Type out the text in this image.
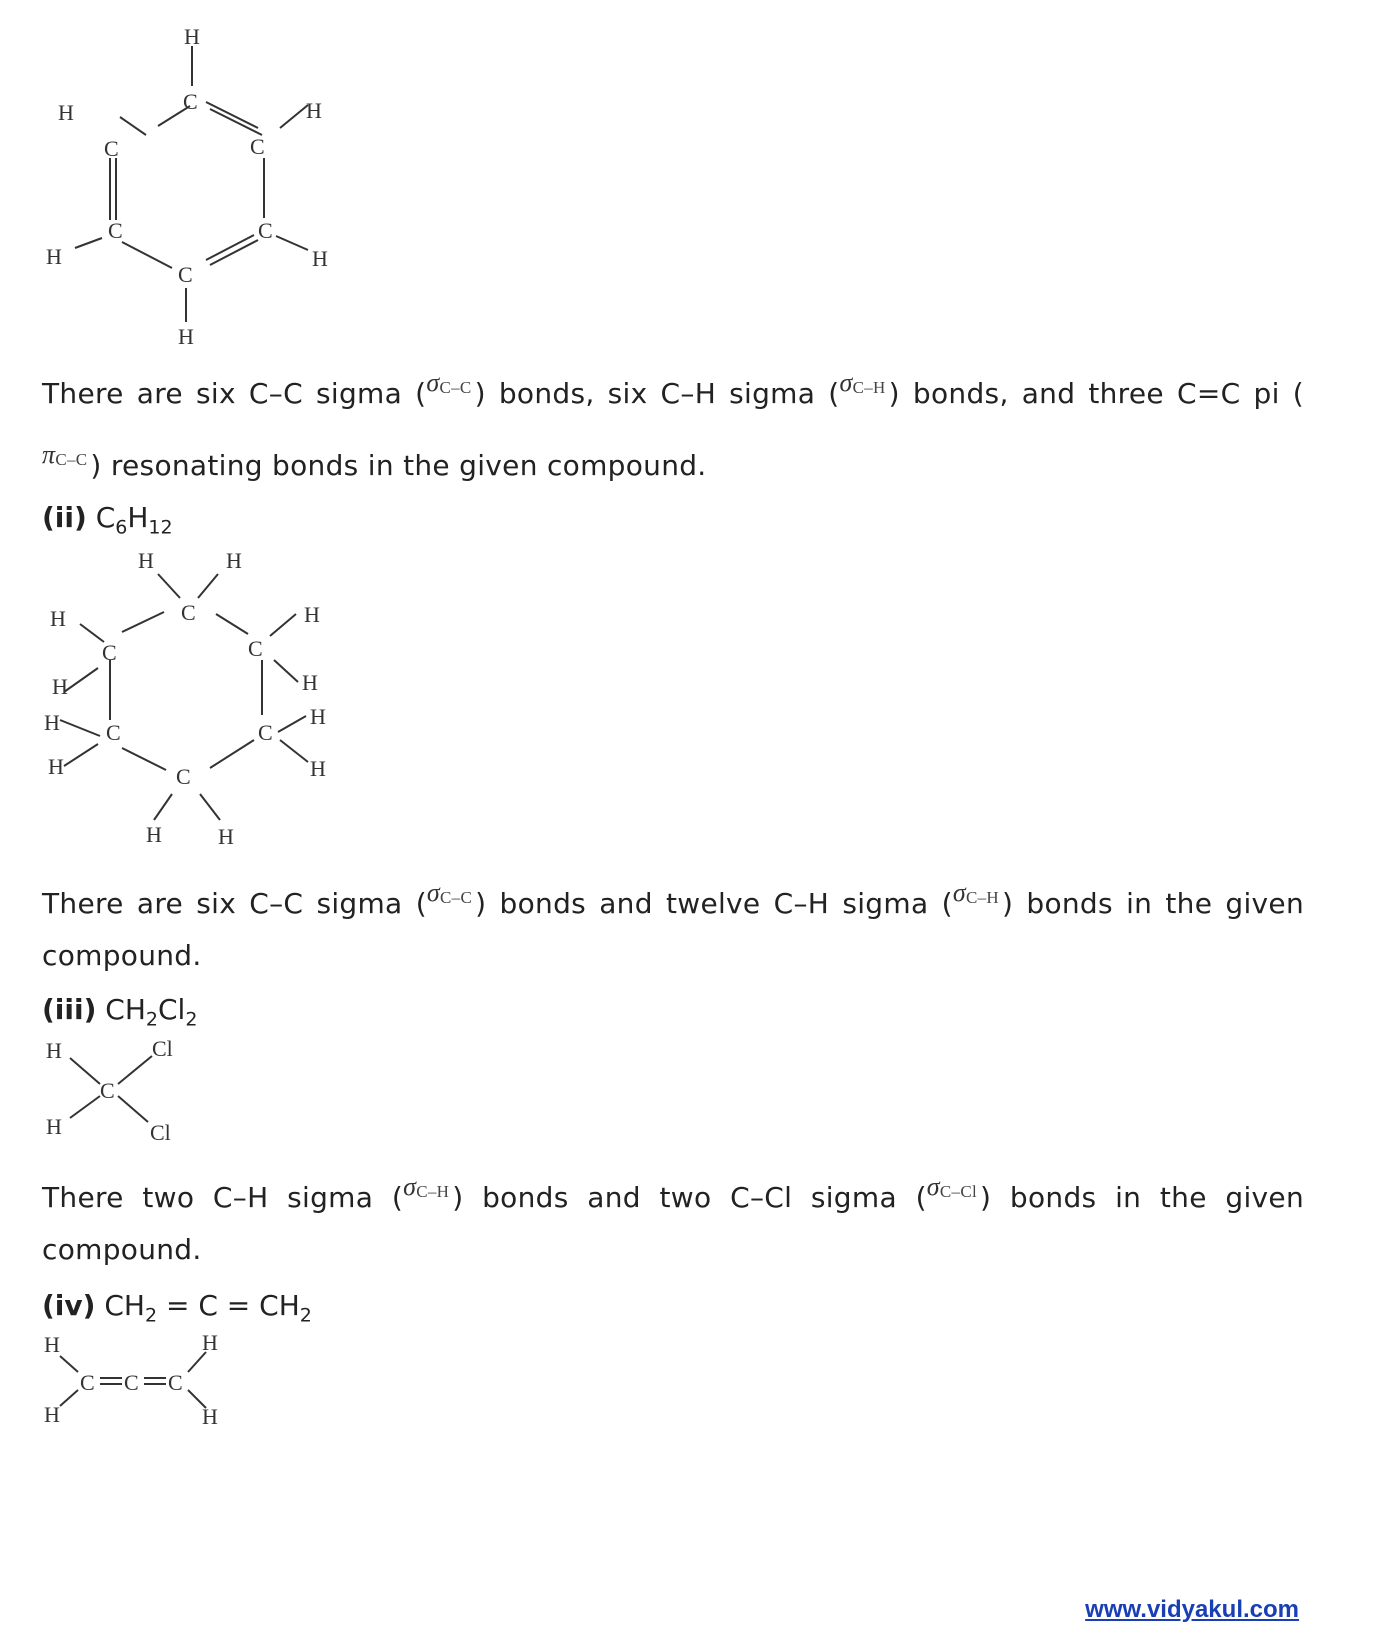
H
H	C	H
C	C
C	C
H
C
H
H

There are six C–C sigma ($\sigma^{C-C}$ ) bonds, six C–H sigma ($\sigma^{C-H}$ ) bonds, and three C=C pi (

$\pi^{C-C}$ ) resonating bonds in the given compound.

(ii) $C_6H_{12}$
H	H
C
H	H
C	C
H	H
H C	C
H
H	H
C
H	H

There are six C–C sigma ($\sigma^{C-C}$ ) bonds and twelve C–H sigma ($\sigma^{C-H}$ ) bonds in the given

compound.

(iii) $CH_2Cl_2$
H	Cl
C
H	Cl

There two C–H sigma ($\sigma^{C-H}$ ) bonds and two C–Cl sigma ($\sigma^{C-Cl}$ ) bonds in the given

compound.

(iv) $CH_2 = C = CH_2$
H	H
C C C
H	H
www.vidyakul.com
